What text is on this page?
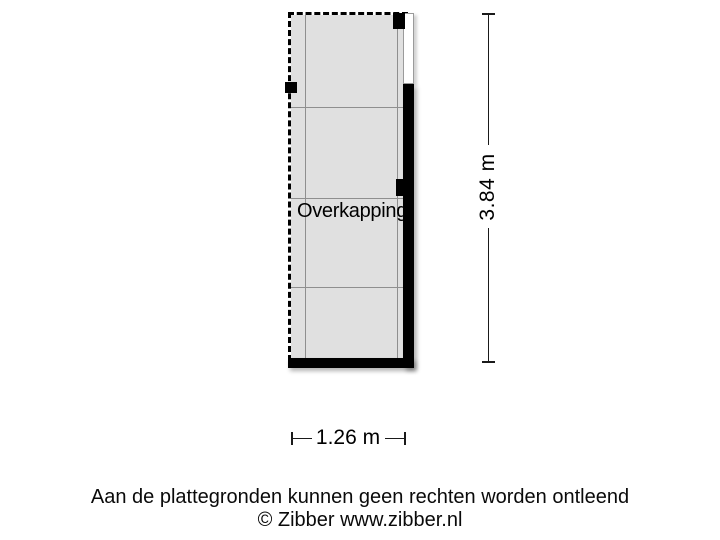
Overkapping	3.84 m
1.26 m
Aan de plattegronden kunnen geen rechten worden ontleend
© Zibber www.zibber.nl
